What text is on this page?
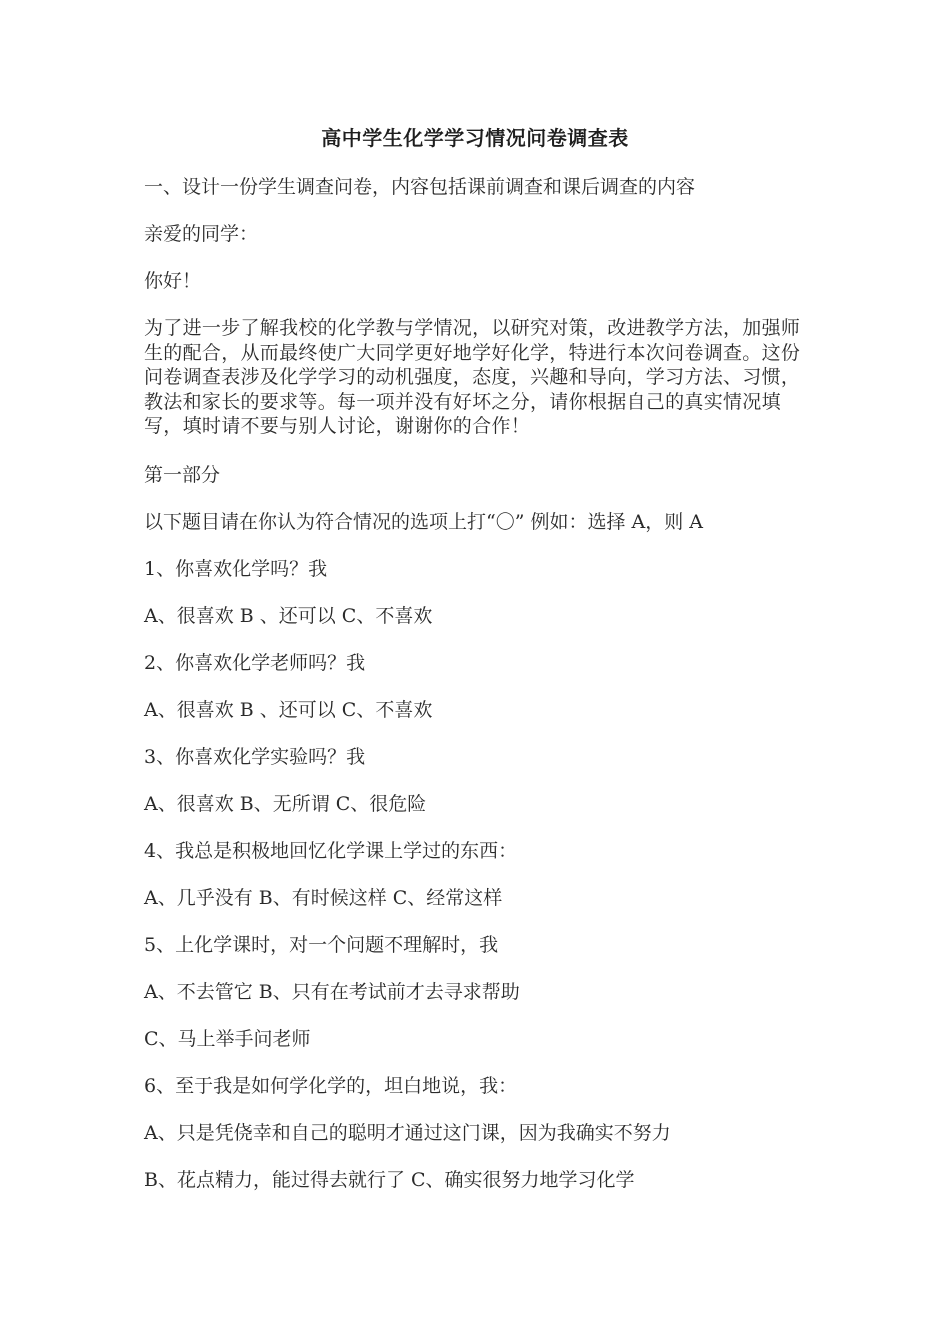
高中学生化学学习情况问卷调查表

一、设计一份学生调查问卷，内容包括课前调查和课后调查的内容

亲爱的同学：

你好！

为了进一步了解我校的化学教与学情况，以研究对策，改进教学方法，加强师生的配合，从而最终使广大同学更好地学好化学，特进行本次问卷调查。这份问卷调查表涉及化学学习的动机强度，态度，兴趣和导向，学习方法、习惯，教法和家长的要求等。每一项并没有好坏之分，请你根据自己的真实情况填写，填时请不要与别人讨论，谢谢你的合作！

第一部分

以下题目请在你认为符合情况的选项上打“〇” 例如：选择 A，则 A

1、你喜欢化学吗？我

A、很喜欢 B 、还可以 C、不喜欢

2、你喜欢化学老师吗？我

A、很喜欢 B 、还可以 C、不喜欢

3、你喜欢化学实验吗？我

A、很喜欢 B、无所谓 C、很危险

4、我总是积极地回忆化学课上学过的东西：

A、几乎没有 B、有时候这样 C、经常这样

5、上化学课时，对一个问题不理解时，我

A、不去管它 B、只有在考试前才去寻求帮助

C、马上举手问老师

6、至于我是如何学化学的，坦白地说，我：

A、只是凭侥幸和自己的聪明才通过这门课，因为我确实不努力

B、花点精力，能过得去就行了 C、确实很努力地学习化学
